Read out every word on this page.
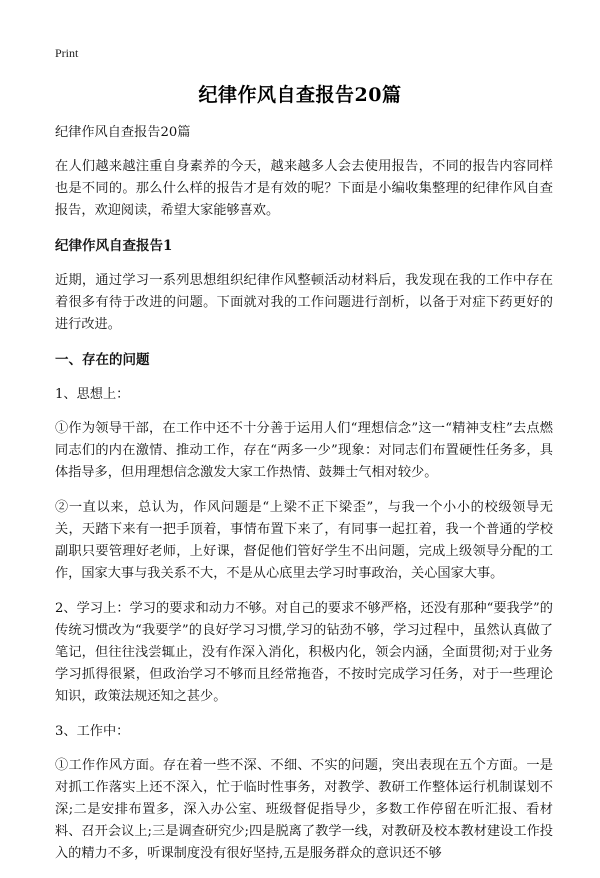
Print
纪律作风自查报告20篇

纪律作风自查报告20篇

在人们越来越注重自身素养的今天，越来越多人会去使用报告，不同的报告内容同样也是不同的。那么什么样的报告才是有效的呢？下面是小编收集整理的纪律作风自查报告，欢迎阅读，希望大家能够喜欢。

纪律作风自查报告1

近期，通过学习一系列思想组织纪律作风整顿活动材料后，我发现在我的工作中存在着很多有待于改进的问题。下面就对我的工作问题进行剖析，以备于对症下药更好的进行改进。

一、存在的问题
1、思想上：

①作为领导干部，在工作中还不十分善于运用人们“理想信念”这一“精神支柱”去点燃同志们的内在激情、推动工作，存在“两多一少”现象：对同志们布置硬性任务多，具体指导多，但用理想信念激发大家工作热情、鼓舞士气相对较少。

②一直以来，总认为，作风问题是“上梁不正下梁歪”，与我一个小小的校级领导无关，天踏下来有一把手顶着，事情布置下来了，有同事一起扛着，我一个普通的学校副职只要管理好老师，上好课，督促他们管好学生不出问题，完成上级领导分配的工作，国家大事与我关系不大，不是从心底里去学习时事政治，关心国家大事。

2、学习上：学习的要求和动力不够。对自己的要求不够严格，还没有那种“要我学”的传统习惯改为“我要学”的良好学习习惯,学习的钻劲不够，学习过程中，虽然认真做了笔记，但往往浅尝辄止，没有作深入消化，积极内化，领会内涵，全面贯彻;对于业务学习抓得很紧，但政治学习不够而且经常拖沓，不按时完成学习任务，对于一些理论知识，政策法规还知之甚少。

3、工作中：

①工作作风方面。存在着一些不深、不细、不实的问题，突出表现在五个方面。一是对抓工作落实上还不深入，忙于临时性事务，对教学、教研工作整体运行机制谋划不深;二是安排布置多，深入办公室、班级督促指导少，多数工作停留在听汇报、看材料、召开会议上;三是调查研究少;四是脱离了教学一线，对教研及校本教材建设工作投入的精力不多，听课制度没有很好坚持,五是服务群众的意识还不够
